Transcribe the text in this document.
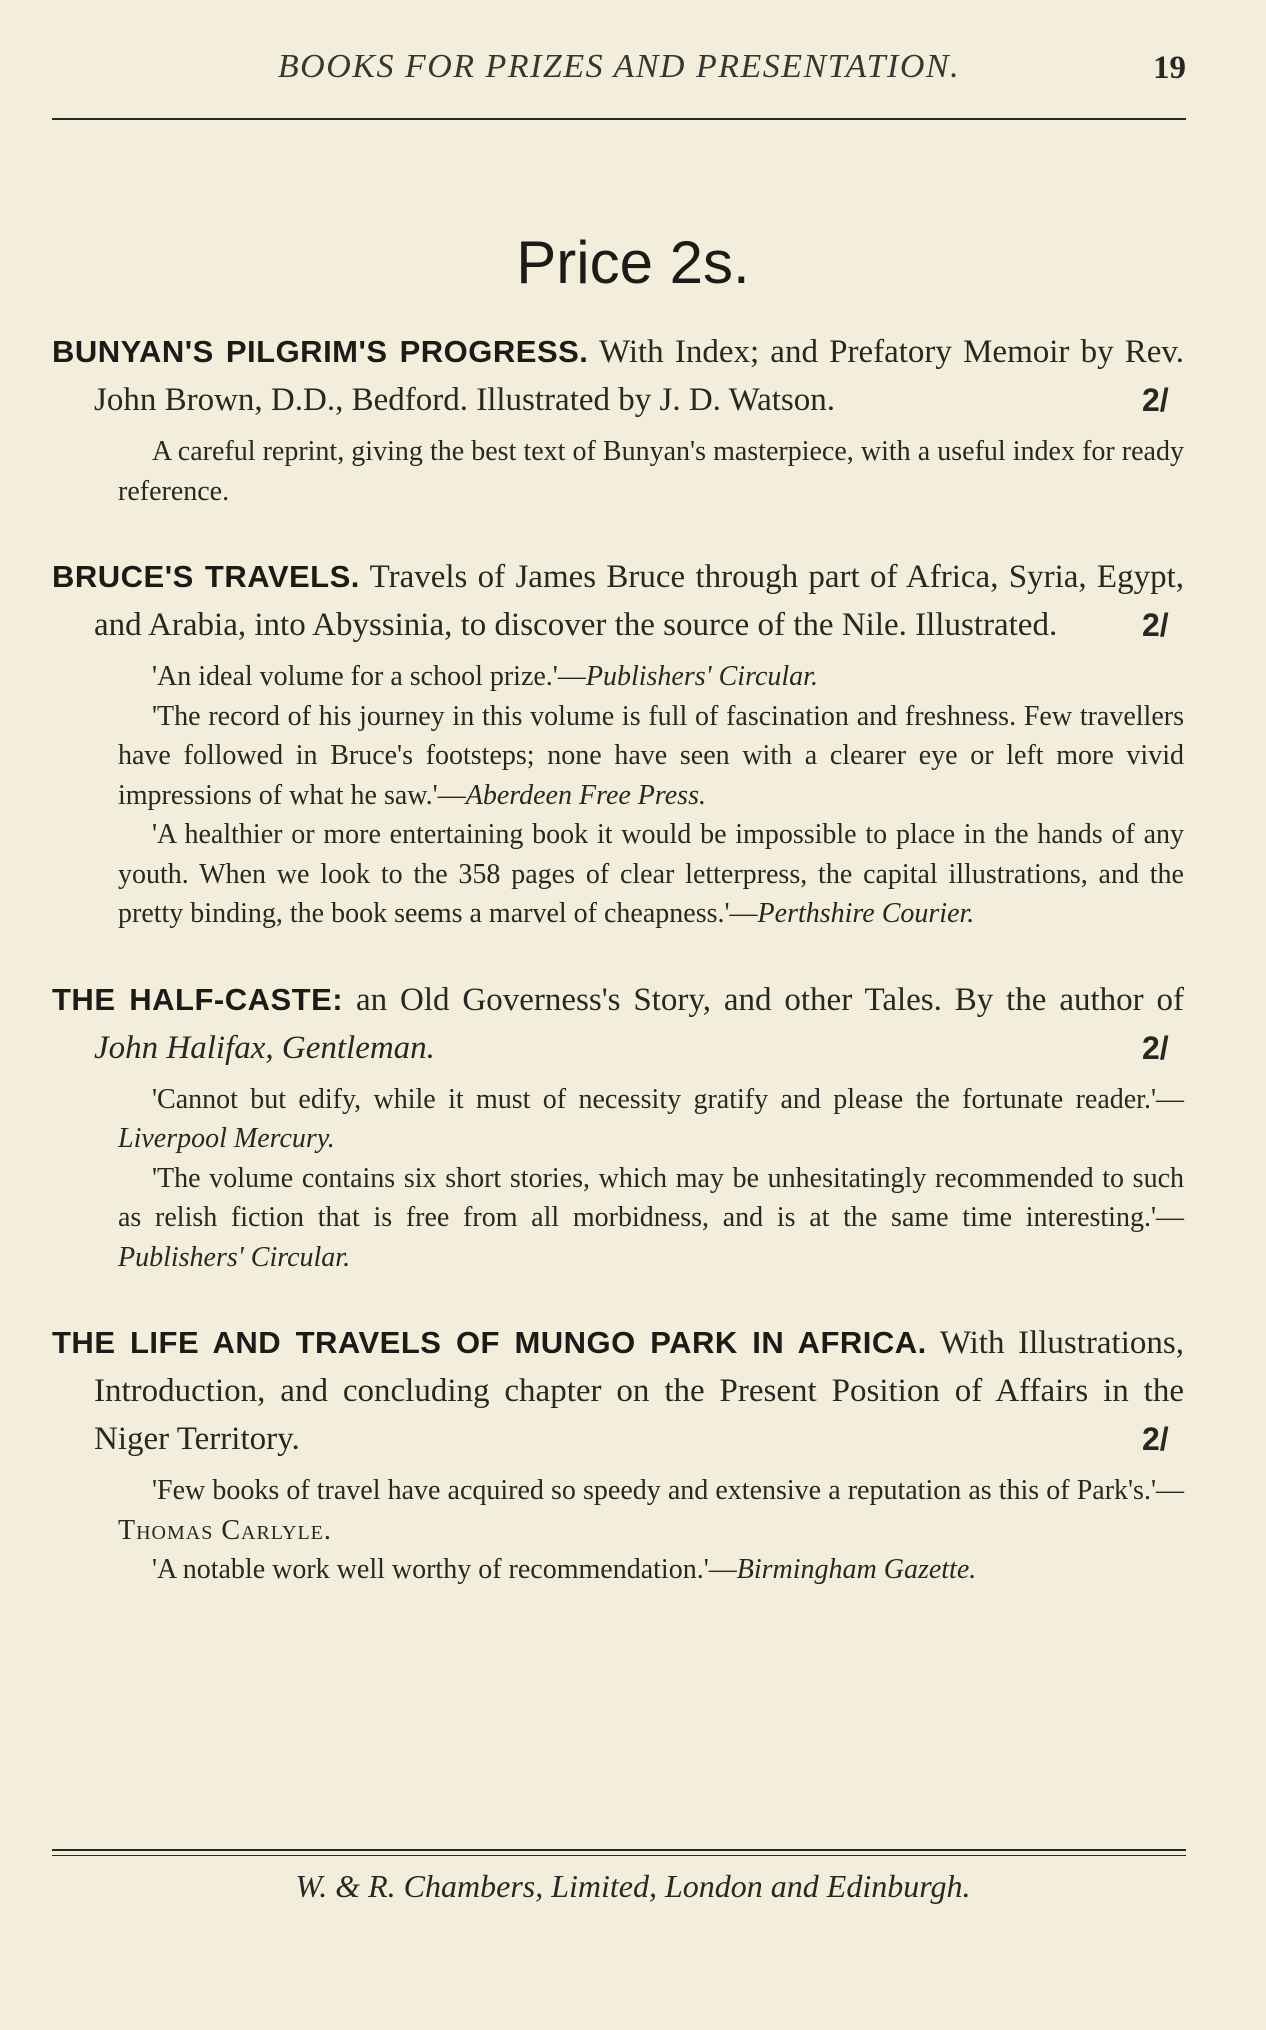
BOOKS FOR PRIZES AND PRESENTATION.	19
Price 2s.

BUNYAN'S PILGRIM'S PROGRESS. With Index; and Prefatory Memoir by Rev. John Brown, D.D., Bedford. Illustrated by J. D. Watson.	2/

A careful reprint, giving the best text of Bunyan's masterpiece, with a useful index for ready reference.

BRUCE'S TRAVELS. Travels of James Bruce through part of Africa, Syria, Egypt, and Arabia, into Abyssinia, to discover the source of the Nile. Illustrated.	2/

'An ideal volume for a school prize.'—Publishers' Circular.

'The record of his journey in this volume is full of fascination and freshness. Few travellers have followed in Bruce's footsteps; none have seen with a clearer eye or left more vivid impressions of what he saw.'—Aberdeen Free Press.

'A healthier or more entertaining book it would be impossible to place in the hands of any youth. When we look to the 358 pages of clear letterpress, the capital illustrations, and the pretty binding, the book seems a marvel of cheapness.'—Perthshire Courier.

THE HALF-CASTE: an Old Governess's Story, and other Tales. By the author of John Halifax, Gentleman.	2/

'Cannot but edify, while it must of necessity gratify and please the fortunate reader.'—Liverpool Mercury.

'The volume contains six short stories, which may be unhesitatingly recommended to such as relish fiction that is free from all morbidness, and is at the same time interesting.'—Publishers' Circular.

THE LIFE AND TRAVELS OF MUNGO PARK IN AFRICA. With Illustrations, Introduction, and concluding chapter on the Present Position of Affairs in the Niger Territory.	2/

'Few books of travel have acquired so speedy and extensive a reputation as this of Park's.'—Thomas Carlyle.

'A notable work well worthy of recommendation.'—Birmingham Gazette.

W. & R. Chambers, Limited, London and Edinburgh.
